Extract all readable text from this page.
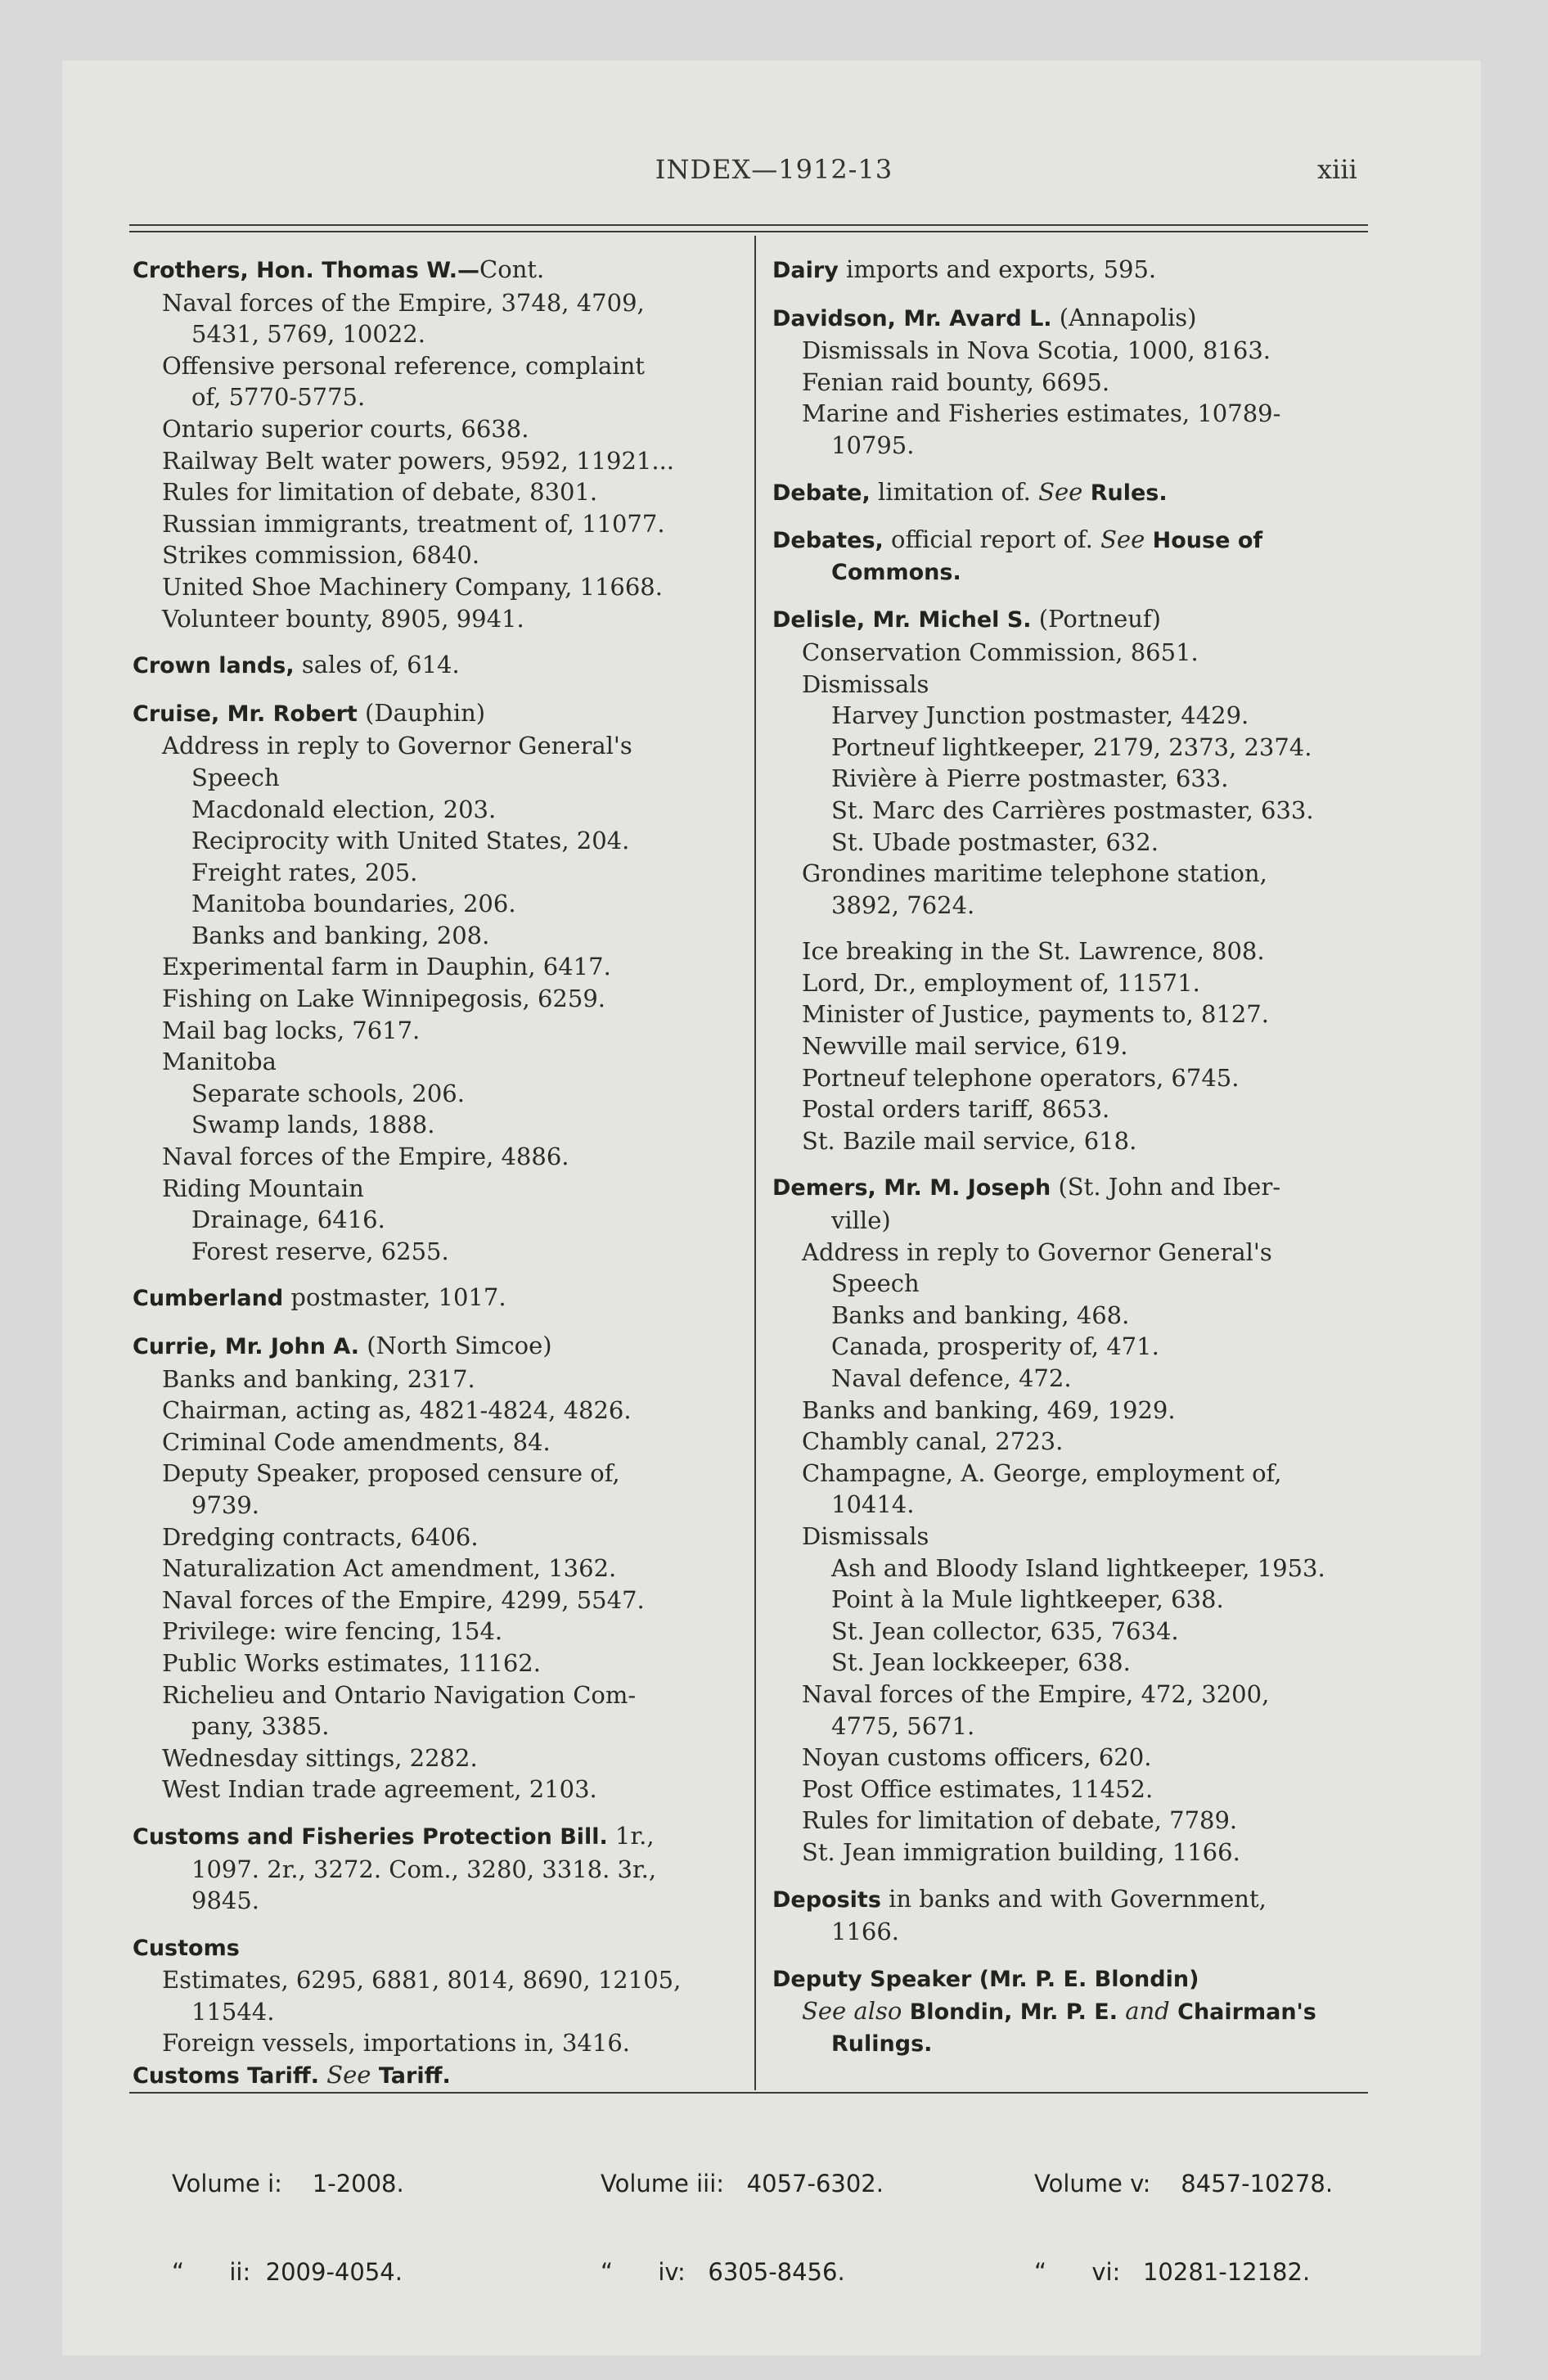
INDEX—1912-13	xiii
Crothers, Hon. Thomas W.—Cont.
Naval forces of the Empire, 3748, 4709,
5431, 5769, 10022.
Offensive personal reference, complaint
of, 5770-5775.
Ontario superior courts, 6638.
Railway Belt water powers, 9592, 11921...
Rules for limitation of debate, 8301.
Russian immigrants, treatment of, 11077.
Strikes commission, 6840.
United Shoe Machinery Company, 11668.
Volunteer bounty, 8905, 9941.
Crown lands, sales of, 614.
Cruise, Mr. Robert (Dauphin)
Address in reply to Governor General's
Speech
Macdonald election, 203.
Reciprocity with United States, 204.
Freight rates, 205.
Manitoba boundaries, 206.
Banks and banking, 208.
Experimental farm in Dauphin, 6417.
Fishing on Lake Winnipegosis, 6259.
Mail bag locks, 7617.
Manitoba
Separate schools, 206.
Swamp lands, 1888.
Naval forces of the Empire, 4886.
Riding Mountain
Drainage, 6416.
Forest reserve, 6255.
Cumberland postmaster, 1017.
Currie, Mr. John A. (North Simcoe)
Banks and banking, 2317.
Chairman, acting as, 4821-4824, 4826.
Criminal Code amendments, 84.
Deputy Speaker, proposed censure of,
9739.
Dredging contracts, 6406.
Naturalization Act amendment, 1362.
Naval forces of the Empire, 4299, 5547.
Privilege: wire fencing, 154.
Public Works estimates, 11162.
Richelieu and Ontario Navigation Com-
pany, 3385.
Wednesday sittings, 2282.
West Indian trade agreement, 2103.
Customs and Fisheries Protection Bill. 1r.,
1097. 2r., 3272. Com., 3280, 3318. 3r.,
9845.
Customs
Estimates, 6295, 6881, 8014, 8690, 12105,
11544.
Foreign vessels, importations in, 3416.
Customs Tariff. See Tariff.
Dairy imports and exports, 595.
Davidson, Mr. Avard L. (Annapolis)
Dismissals in Nova Scotia, 1000, 8163.
Fenian raid bounty, 6695.
Marine and Fisheries estimates, 10789-
10795.
Debate, limitation of. See Rules.
Debates, official report of. See House of
Commons.
Delisle, Mr. Michel S. (Portneuf)
Conservation Commission, 8651.
Dismissals
Harvey Junction postmaster, 4429.
Portneuf lightkeeper, 2179, 2373, 2374.
Rivière à Pierre postmaster, 633.
St. Marc des Carrières postmaster, 633.
St. Ubade postmaster, 632.
Grondines maritime telephone station,
3892, 7624.
Ice breaking in the St. Lawrence, 808.
Lord, Dr., employment of, 11571.
Minister of Justice, payments to, 8127.
Newville mail service, 619.
Portneuf telephone operators, 6745.
Postal orders tariff, 8653.
St. Bazile mail service, 618.
Demers, Mr. M. Joseph (St. John and Iber-
ville)
Address in reply to Governor General's
Speech
Banks and banking, 468.
Canada, prosperity of, 471.
Naval defence, 472.
Banks and banking, 469, 1929.
Chambly canal, 2723.
Champagne, A. George, employment of,
10414.
Dismissals
Ash and Bloody Island lightkeeper, 1953.
Point à la Mule lightkeeper, 638.
St. Jean collector, 635, 7634.
St. Jean lockkeeper, 638.
Naval forces of the Empire, 472, 3200,
4775, 5671.
Noyan customs officers, 620.
Post Office estimates, 11452.
Rules for limitation of debate, 7789.
St. Jean immigration building, 1166.
Deposits in banks and with Government,
1166.
Deputy Speaker (Mr. P. E. Blondin)
See also Blondin, Mr. P. E. and Chairman's
Rulings.

Volume i:    1-2008.

“      ii:  2009-4054.

Volume iii:   4057-6302.

“      iv:   6305-8456.

Volume v:    8457-10278.

“      vi:   10281-12182.
